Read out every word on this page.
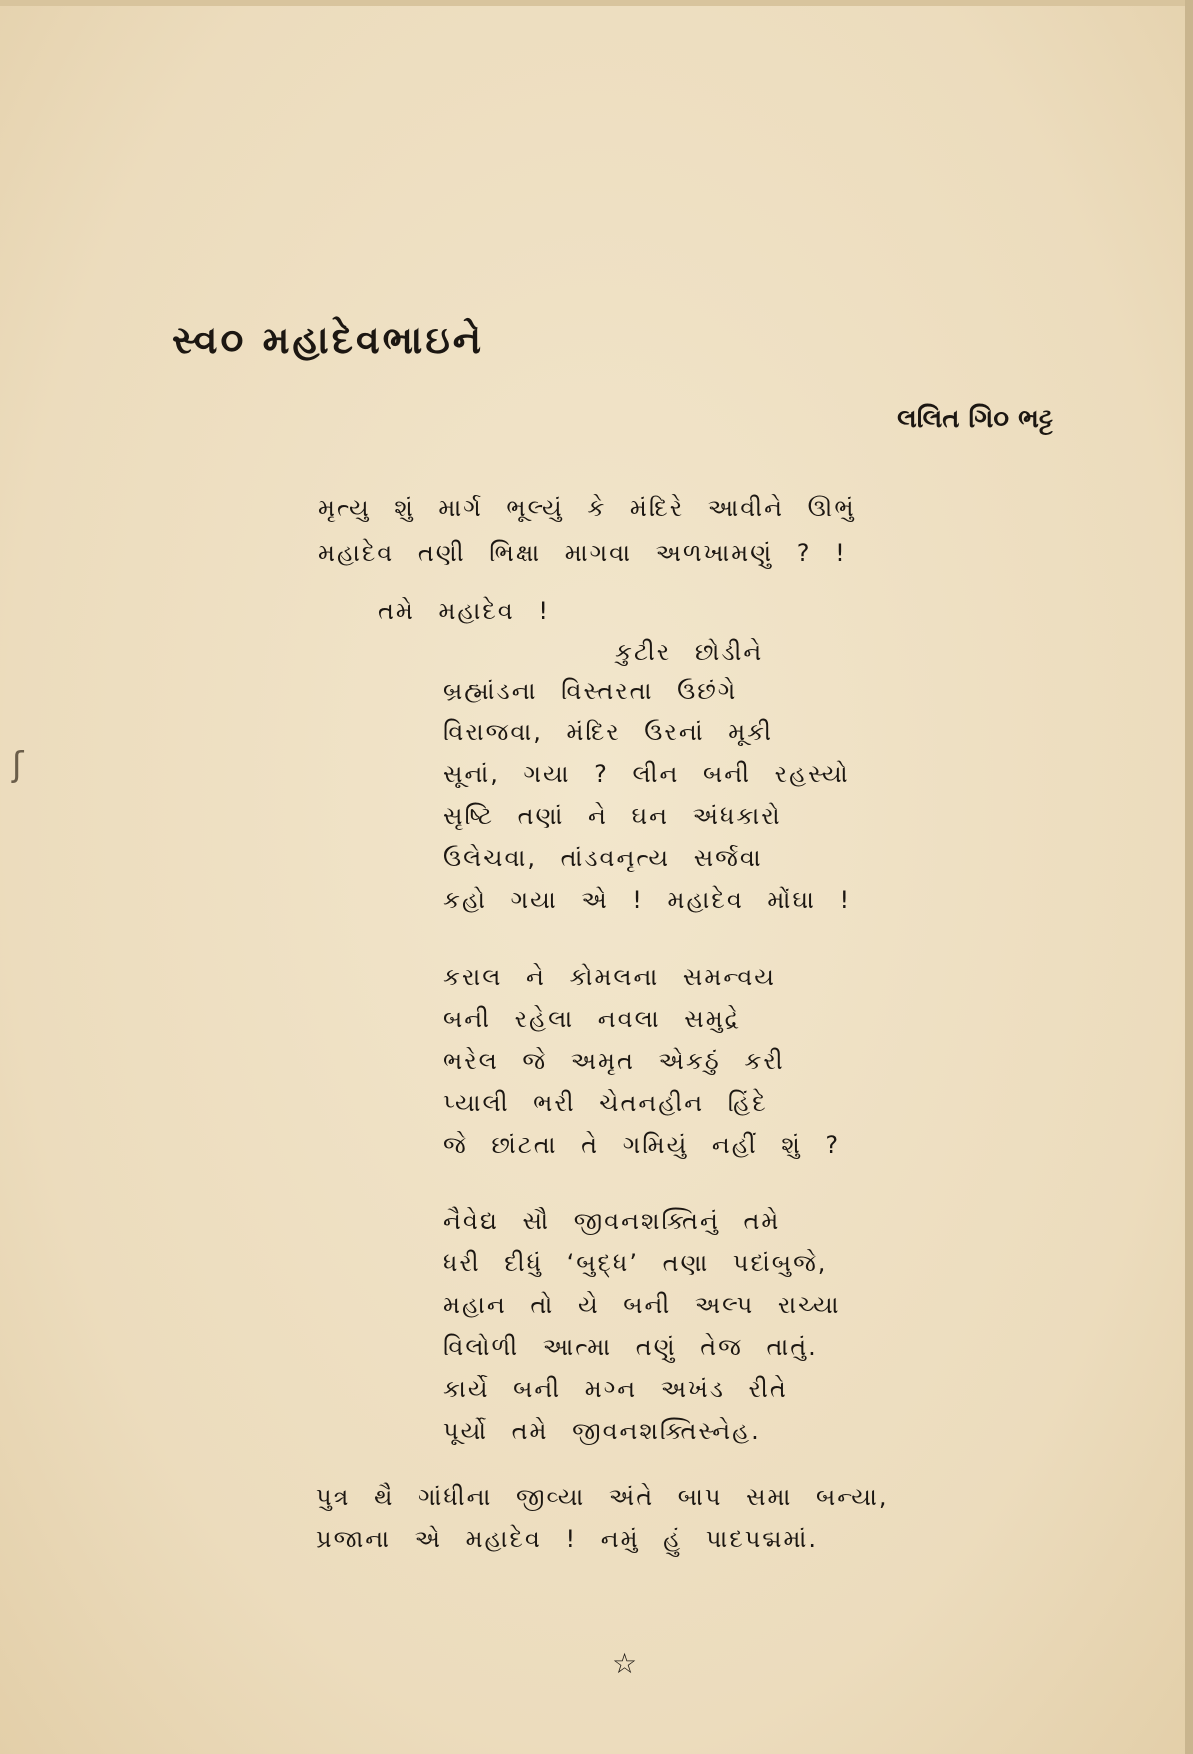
ʃ
સ્વ૦ મહાદેવભાઇને
લલિત ગિ૦ ભટ્ટ
મૃત્યુ શું માર્ગ ભૂલ્યું કે મંદિરે આવીને ઊભું
મહાદેવ તણી ભિક્ષા માગવા અળખામણું ? !
તમે મહાદેવ !
કુટીર છોડીને
બ્રહ્માંડના વિસ્તરતા ઉછંગે
વિરાજવા, મંદિર ઉરનાં મૂકી
સૂનાં, ગયા ? લીન બની રહસ્યો
સૃષ્ટિ તણાં ને ઘન અંધકારો
ઉલેચવા, તાંડવનૃત્ય સર્જવા
કહો ગયા એ ! મહાદેવ મોંઘા !
કરાલ ને કોમલના સમન્વય
બની રહેલા નવલા સમુદ્રે
ભરેલ જે અમૃત એકઠું કરી
પ્યાલી ભરી ચેતનહીન હિંદે
જે છાંટતા તે ગમિયું નહીં શું ?
નૈવેદ્ય સૌ જીવનશક્તિનું તમે
ધરી દીધું ‘બુદ્ધ’ તણા પદાંબુજે,
મહાન તો યે બની અલ્પ રાચ્યા
વિલોળી આત્મા તણું તેજ તાતું.
કાર્યે બની મગ્ન અખંડ રીતે
પૂર્યો તમે જીવનશક્તિસ્નેહ.
પુત્ર થૈ ગાંધીના જીવ્યા અંતે બાપ સમા બન્યા,
પ્રજાના એ મહાદેવ ! નમું હું પાદપદ્મમાં.
☆
